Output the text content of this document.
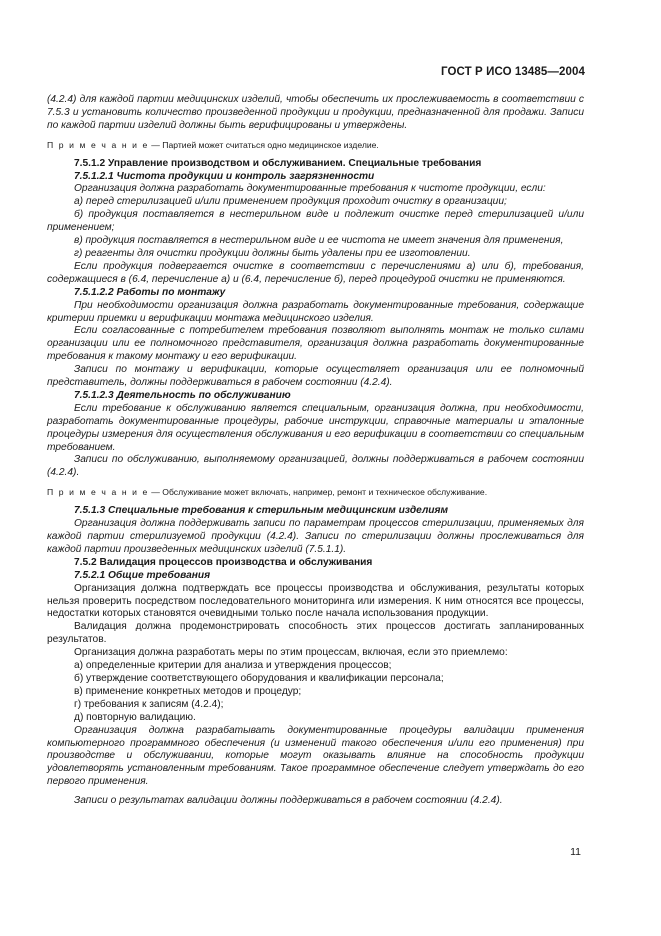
ГОСТ Р ИСО 13485—2004

(4.2.4) для каждой партии медицинских изделий, чтобы обеспечить их прослеживаемость в соответствии с 7.5.3 и установить количество произведенной продукции и продукции, предназначенной для продажи. Записи по каждой партии изделий должны быть верифицированы и утверждены.

П р и м е ч а н и е — Партией может считаться одно медицинское изделие.

7.5.1.2 Управление производством и обслуживанием. Специальные требования

7.5.1.2.1 Чистота продукции и контроль загрязненности

Организация должна разработать документированные требования к чистоте продукции, если:

а) перед стерилизацией и/или применением продукция проходит очистку в организации;

б) продукция поставляется в нестерильном виде и подлежит очистке перед стерилизацией и/или применением;

в) продукция поставляется в нестерильном виде и ее чистота не имеет значения для применения,

г) реагенты для очистки продукции должны быть удалены при ее изготовлении.

Если продукция подвергается очистке в соответствии с перечислениями а) или б), требования, содержащиеся в (6.4, перечисление а) и (6.4, перечисление б), перед процедурой очистки не применяются.

7.5.1.2.2 Работы по монтажу

При необходимости организация должна разработать документированные требования, содержащие критерии приемки и верификации монтажа медицинского изделия.

Если согласованные с потребителем требования позволяют выполнять монтаж не только силами организации или ее полномочного представителя, организация должна разработать документированные требования к такому монтажу и его верификации.

Записи по монтажу и верификации, которые осуществляет организация или ее полномочный представитель, должны поддерживаться в рабочем состоянии (4.2.4).

7.5.1.2.3 Деятельность по обслуживанию

Если требование к обслуживанию является специальным, организация должна, при необходимости, разработать документированные процедуры, рабочие инструкции, справочные материалы и эталонные процедуры измерения для осуществления обслуживания и его верификации в соответствии со специальным требованием.

Записи по обслуживанию, выполняемому организацией, должны поддерживаться в рабочем состоянии (4.2.4).

П р и м е ч а н и е — Обслуживание может включать, например, ремонт и техническое обслуживание.

7.5.1.3 Специальные требования к стерильным медицинским изделиям

Организация должна поддерживать записи по параметрам процессов стерилизации, применяемых для каждой партии стерилизуемой продукции (4.2.4). Записи по стерилизации должны прослеживаться для каждой партии произведенных медицинских изделий (7.5.1.1).

7.5.2 Валидация процессов производства и обслуживания

7.5.2.1 Общие требования

Организация должна подтверждать все процессы производства и обслуживания, результаты которых нельзя проверить посредством последовательного мониторинга или измерения. К ним относятся все процессы, недостатки которых становятся очевидными только после начала использования продукции.

Валидация должна продемонстрировать способность этих процессов достигать запланированных результатов.

Организация должна разработать меры по этим процессам, включая, если это приемлемо:

а) определенные критерии для анализа и утверждения процессов;

б) утверждение соответствующего оборудования и квалификации персонала;

в) применение конкретных методов и процедур;

г) требования к записям (4.2.4);

д) повторную валидацию.

Организация должна разрабатывать документированные процедуры валидации применения компьютерного программного обеспечения (и изменений такого обеспечения и/или его применения) при производстве и обслуживании, которые могут оказывать влияние на способность продукции удовлетворять установленным требованиям. Такое программное обеспечение следует утверждать до его первого применения.

Записи о результатах валидации должны поддерживаться в рабочем состоянии (4.2.4).

11
